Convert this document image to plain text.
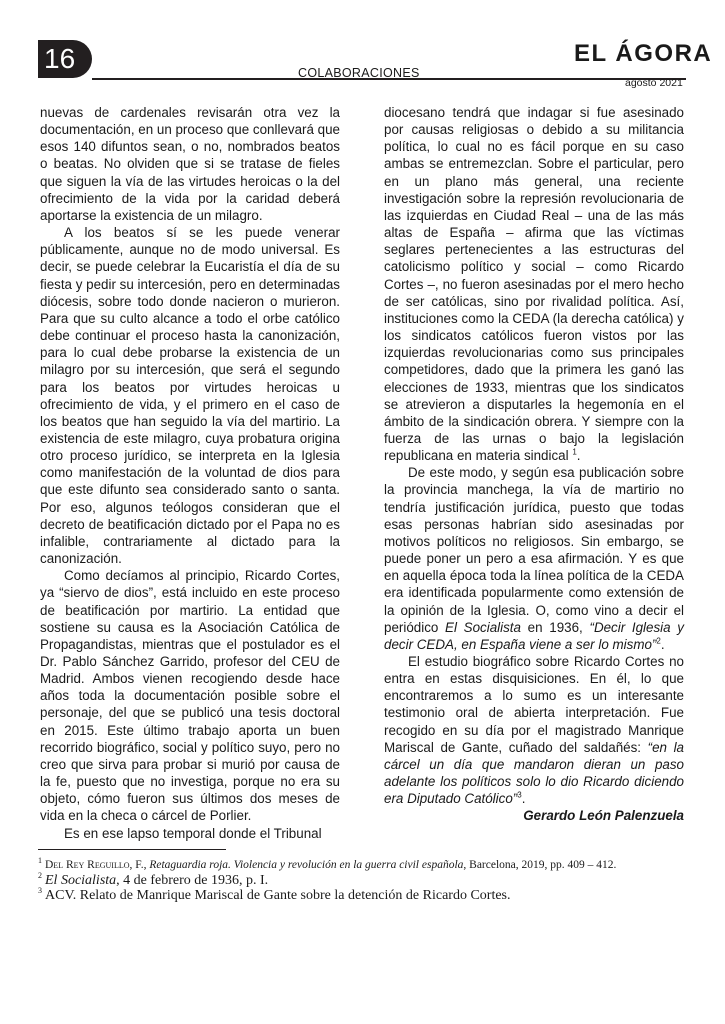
16	COLABORACIONES
EL ÁGORA
agosto 2021

nuevas de cardenales revisarán otra vez la documentación, en un proceso que conllevará que esos 140 difuntos sean, o no, nombrados beatos o beatas. No olviden que si se tratase de fieles que siguen la vía de las virtudes heroicas o la del ofrecimiento de la vida por la caridad deberá aportarse la existencia de un milagro.

A los beatos sí se les puede venerar públicamente, aunque no de modo universal. Es decir, se puede celebrar la Eucaristía el día de su fiesta y pedir su intercesión, pero en determinadas diócesis, sobre todo donde nacieron o murieron. Para que su culto alcance a todo el orbe católico debe continuar el proceso hasta la canonización, para lo cual debe probarse la existencia de un milagro por su intercesión, que será el segundo para los beatos por virtudes heroicas u ofrecimiento de vida, y el primero en el caso de los beatos que han seguido la vía del martirio. La existencia de este milagro, cuya probatura origina otro proceso jurídico, se interpreta en la Iglesia como manifestación de la voluntad de dios para que este difunto sea considerado santo o santa. Por eso, algunos teólogos consideran que el decreto de beatificación dictado por el Papa no es infalible, contrariamente al dictado para la canonización.

Como decíamos al principio, Ricardo Cortes, ya “siervo de dios”, está incluido en este proceso de beatificación por martirio. La entidad que sostiene su causa es la Asociación Católica de Propagandistas, mientras que el postulador es el Dr. Pablo Sánchez Garrido, profesor del CEU de Madrid. Ambos vienen recogiendo desde hace años toda la documentación posible sobre el personaje, del que se publicó una tesis doctoral en 2015. Este último trabajo aporta un buen recorrido biográfico, social y político suyo, pero no creo que sirva para probar si murió por causa de la fe, puesto que no investiga, porque no era su objeto, cómo fueron sus últimos dos meses de vida en la checa o cárcel de Porlier.

Es en ese lapso temporal donde el Tribunal

diocesano tendrá que indagar si fue asesinado por causas religiosas o debido a su militancia política, lo cual no es fácil porque en su caso ambas se entremezclan. Sobre el particular, pero en un plano más general, una reciente investigación sobre la represión revolucionaria de las izquierdas en Ciudad Real – una de las más altas de España – afirma que las víctimas seglares pertenecientes a las estructuras del catolicismo político y social – como Ricardo Cortes –, no fueron asesinadas por el mero hecho de ser católicas, sino por rivalidad política. Así, instituciones como la CEDA (la derecha católica) y los sindicatos católicos fueron vistos por las izquierdas revolucionarias como sus principales competidores, dado que la primera les ganó las elecciones de 1933, mientras que los sindicatos se atrevieron a disputarles la hegemonía en el ámbito de la sindicación obrera. Y siempre con la fuerza de las urnas o bajo la legislación republicana en materia sindical $^1$.

De este modo, y según esa publicación sobre la provincia manchega, la vía de martirio no tendría justificación jurídica, puesto que todas esas personas habrían sido asesinadas por motivos políticos no religiosos. Sin embargo, se puede poner un pero a esa afirmación. Y es que en aquella época toda la línea política de la CEDA era identificada popularmente como extensión de la opinión de la Iglesia. O, como vino a decir el periódico El Socialista en 1936, “Decir Iglesia y decir CEDA, en España viene a ser lo mismo”$^2$.

El estudio biográfico sobre Ricardo Cortes no entra en estas disquisiciones. En él, lo que encontraremos a lo sumo es un interesante testimonio oral de abierta interpretación. Fue recogido en su día por el magistrado Manrique Mariscal de Gante, cuñado del saldañés: “en la cárcel un día que mandaron dieran un paso adelante los políticos solo lo dio Ricardo diciendo era Diputado Católico”$^3$.

Gerardo León Palenzuela

$^1$ Del Rey Reguillo, F., Retaguardia roja. Violencia y revolución en la guerra civil española, Barcelona, 2019, pp. 409 – 412.
$^2$ El Socialista, 4 de febrero de 1936, p. I.
$^3$ ACV. Relato de Manrique Mariscal de Gante sobre la detención de Ricardo Cortes.
